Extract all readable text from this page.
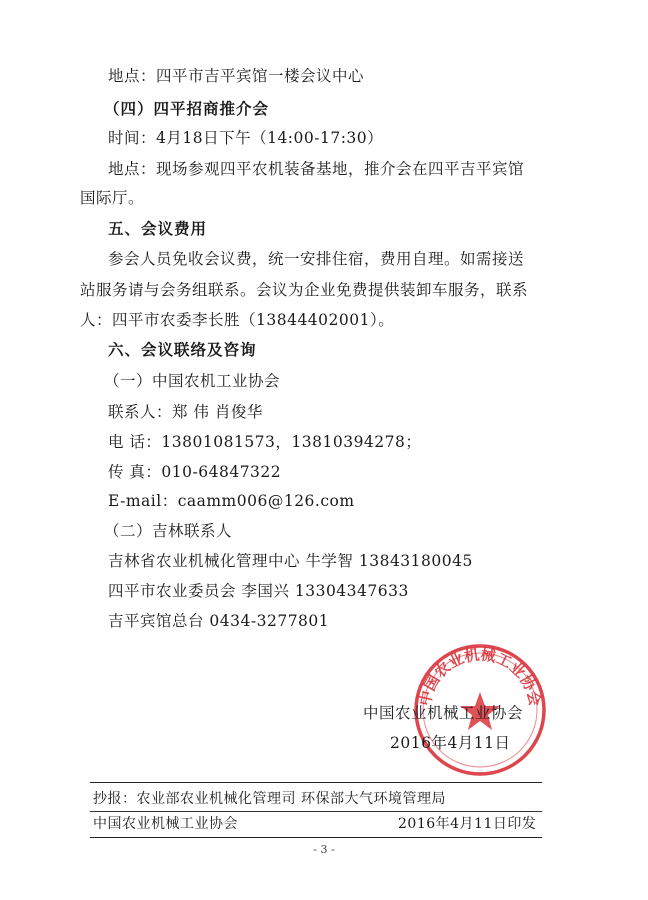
地点：四平市吉平宾馆一楼会议中心
（四）四平招商推介会
时间：4月18日下午（14:00-17:30）
地点：现场参观四平农机装备基地，推介会在四平吉平宾馆
国际厅。
五、会议费用
参会人员免收会议费，统一安排住宿，费用自理。如需接送
站服务请与会务组联系。会议为企业免费提供装卸车服务，联系
人：四平市农委李长胜（13844402001）。
六、会议联络及咨询
（一）中国农机工业协会
联系人：郑 伟 肖俊华
电 话：13801081573，13810394278；
传 真：010-64847322
E-mail：caamm006@126.com
（二）吉林联系人
吉林省农业机械化管理中心 牛学智 13843180045
四平市农业委员会 李国兴 13304347633
吉平宾馆总台 0434-3277801
中国农业机械工业协会
中国农业机械工业协会
2016年4月11日
抄报：农业部农业机械化管理司 环保部大气环境管理局
中国农业机械工业协会	2016年4月11日印发
- 3 -
